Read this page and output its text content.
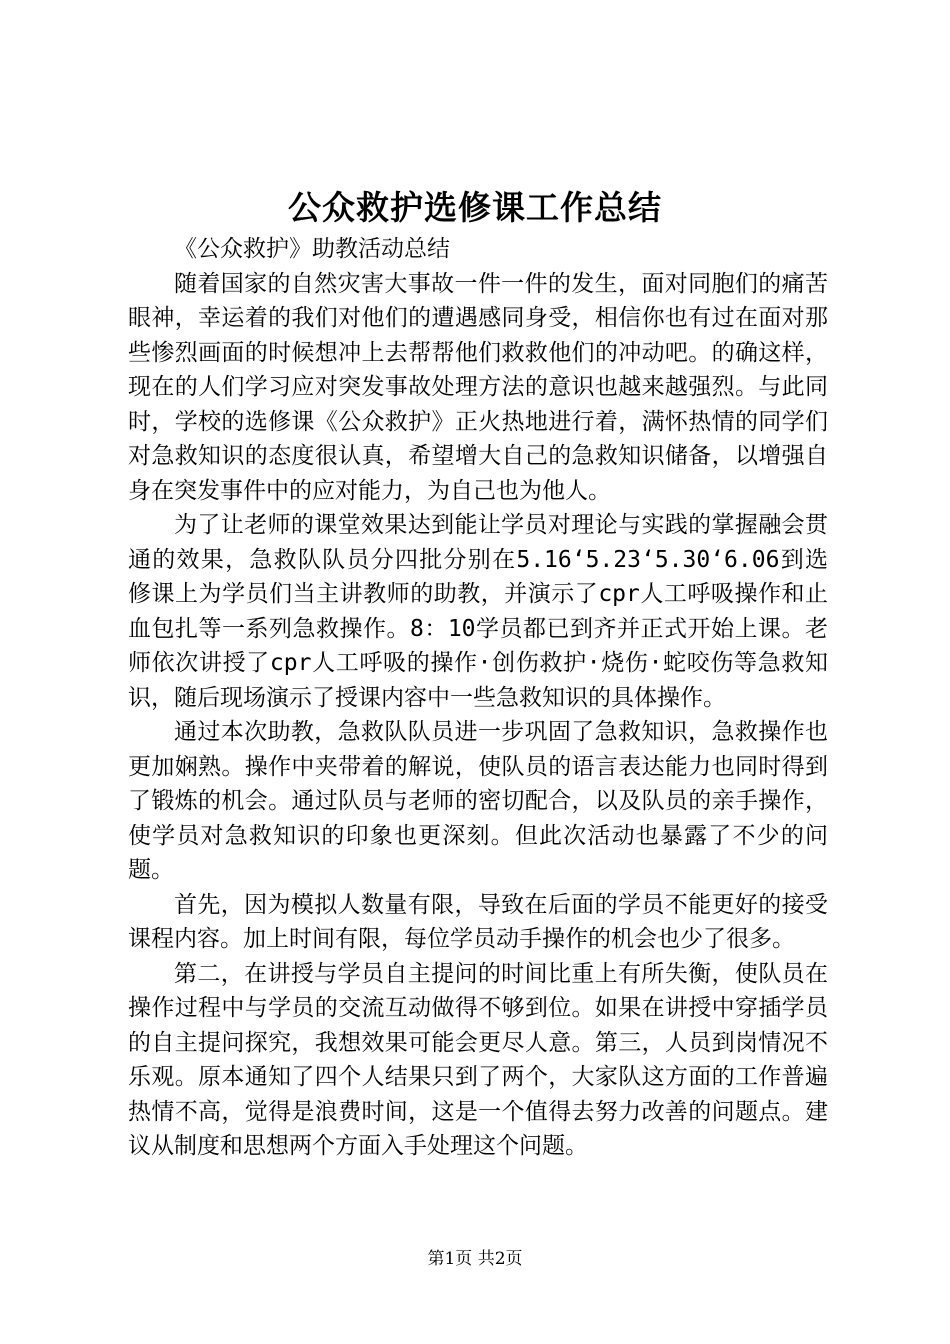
公众救护选修课工作总结

《公众救护》助教活动总结

随着国家的自然灾害大事故一件一件的发生，面对同胞们的痛苦眼神，幸运着的我们对他们的遭遇感同身受，相信你也有过在面对那些惨烈画面的时候想冲上去帮帮他们救救他们的冲动吧。的确这样，现在的人们学习应对突发事故处理方法的意识也越来越强烈。与此同时，学校的选修课《公众救护》正火热地进行着，满怀热情的同学们对急救知识的态度很认真，希望增大自己的急救知识储备，以增强自身在突发事件中的应对能力，为自己也为他人。

为了让老师的课堂效果达到能让学员对理论与实践的掌握融会贯通的效果，急救队队员分四批分别在5.16‘5.23‘5.30‘6.06到选修课上为学员们当主讲教师的助教，并演示了cpr人工呼吸操作和止血包扎等一系列急救操作。8：10学员都已到齐并正式开始上课。老师依次讲授了cpr人工呼吸的操作·创伤救护·烧伤·蛇咬伤等急救知识，随后现场演示了授课内容中一些急救知识的具体操作。

通过本次助教，急救队队员进一步巩固了急救知识，急救操作也更加娴熟。操作中夹带着的解说，使队员的语言表达能力也同时得到了锻炼的机会。通过队员与老师的密切配合，以及队员的亲手操作，使学员对急救知识的印象也更深刻。但此次活动也暴露了不少的问题。

首先，因为模拟人数量有限，导致在后面的学员不能更好的接受课程内容。加上时间有限，每位学员动手操作的机会也少了很多。

第二，在讲授与学员自主提问的时间比重上有所失衡，使队员在操作过程中与学员的交流互动做得不够到位。如果在讲授中穿插学员的自主提问探究，我想效果可能会更尽人意。第三，人员到岗情况不乐观。原本通知了四个人结果只到了两个，大家队这方面的工作普遍热情不高，觉得是浪费时间，这是一个值得去努力改善的问题点。建议从制度和思想两个方面入手处理这个问题。

第1页 共2页
